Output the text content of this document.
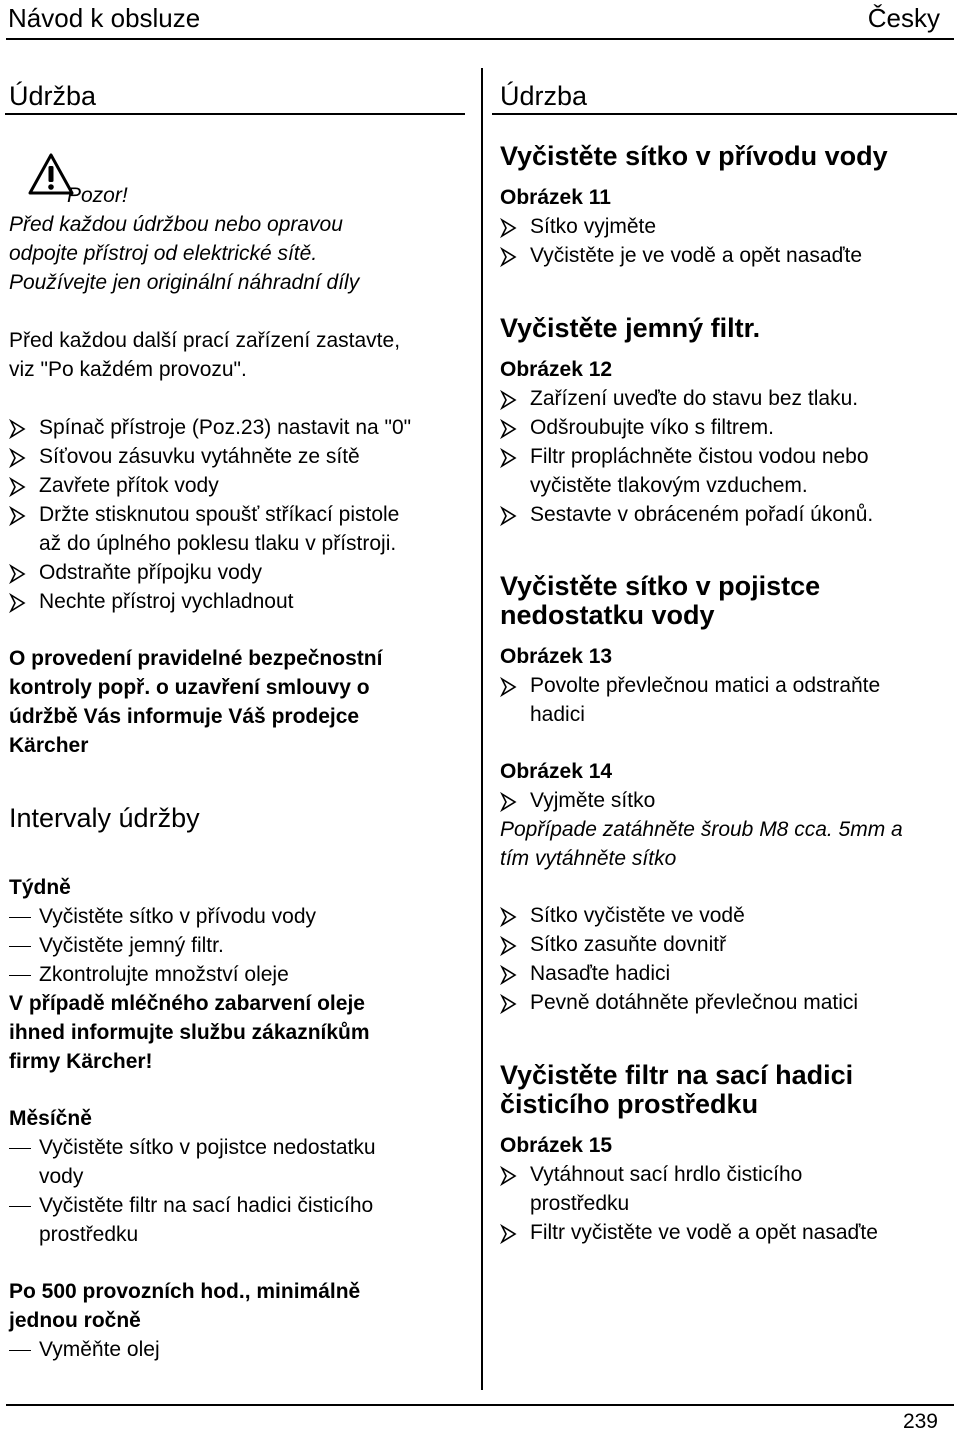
Návod k obsluze	Česky
Pozor!
Údržba
Před každou údržbou nebo opravou
odpojte přístroj od elektrické sítě.
Používejte jen originální náhradní díly
Před každou další prací zařízení zastavte,
viz "Po každém provozu".
Spínač přístroje (Poz.23) nastavit na "0"
Síťovou zásuvku vytáhněte ze sítě
Zavřete přítok vody
Držte stisknutou spoušť stříkací pistole
až do úplného poklesu tlaku v přístroji.
Odstraňte přípojku vody
Nechte přístroj vychladnout
O provedení pravidelné bezpečnostní
kontroly popř. o uzavření smlouvy o
údržbě Vás informuje Váš prodejce
Kärcher
Intervaly údržby
Týdně
Vyčistěte sítko v přívodu vody
Vyčistěte jemný filtr.
Zkontrolujte množství oleje
V případě mléčného zabarvení oleje
ihned informujte službu zákazníkům
firmy Kärcher!
Měsíčně
Vyčistěte sítko v pojistce nedostatku
vody
Vyčistěte filtr na sací hadici čisticího
prostředku
Po 500 provozních hod., minimálně
jednou ročně
Vyměňte olej
Údrzba
Vyčistěte sítko v přívodu vody
Obrázek 11
Sítko vyjměte
Vyčistěte je ve vodě a opět nasaďte
Vyčistěte jemný filtr.
Obrázek 12
Zařízení uveďte do stavu bez tlaku.
Odšroubujte víko s filtrem.
Filtr propláchněte čistou vodou nebo
vyčistěte tlakovým vzduchem.
Sestavte v obráceném pořadí úkonů.
Vyčistěte sítko v pojistce
nedostatku vody
Obrázek 13
Povolte převlečnou matici a odstraňte
hadici
Obrázek 14
Vyjměte sítko
Popřípade zatáhněte šroub M8 cca. 5mm a
tím vytáhněte sítko
Sítko vyčistěte ve vodě
Sítko zasuňte dovnitř
Nasaďte hadici
Pevně dotáhněte převlečnou matici
Vyčistěte filtr na sací hadici
čisticího prostředku
Obrázek 15
Vytáhnout sací hrdlo čisticího
prostředku
Filtr vyčistěte ve vodě a opět nasaďte
239
